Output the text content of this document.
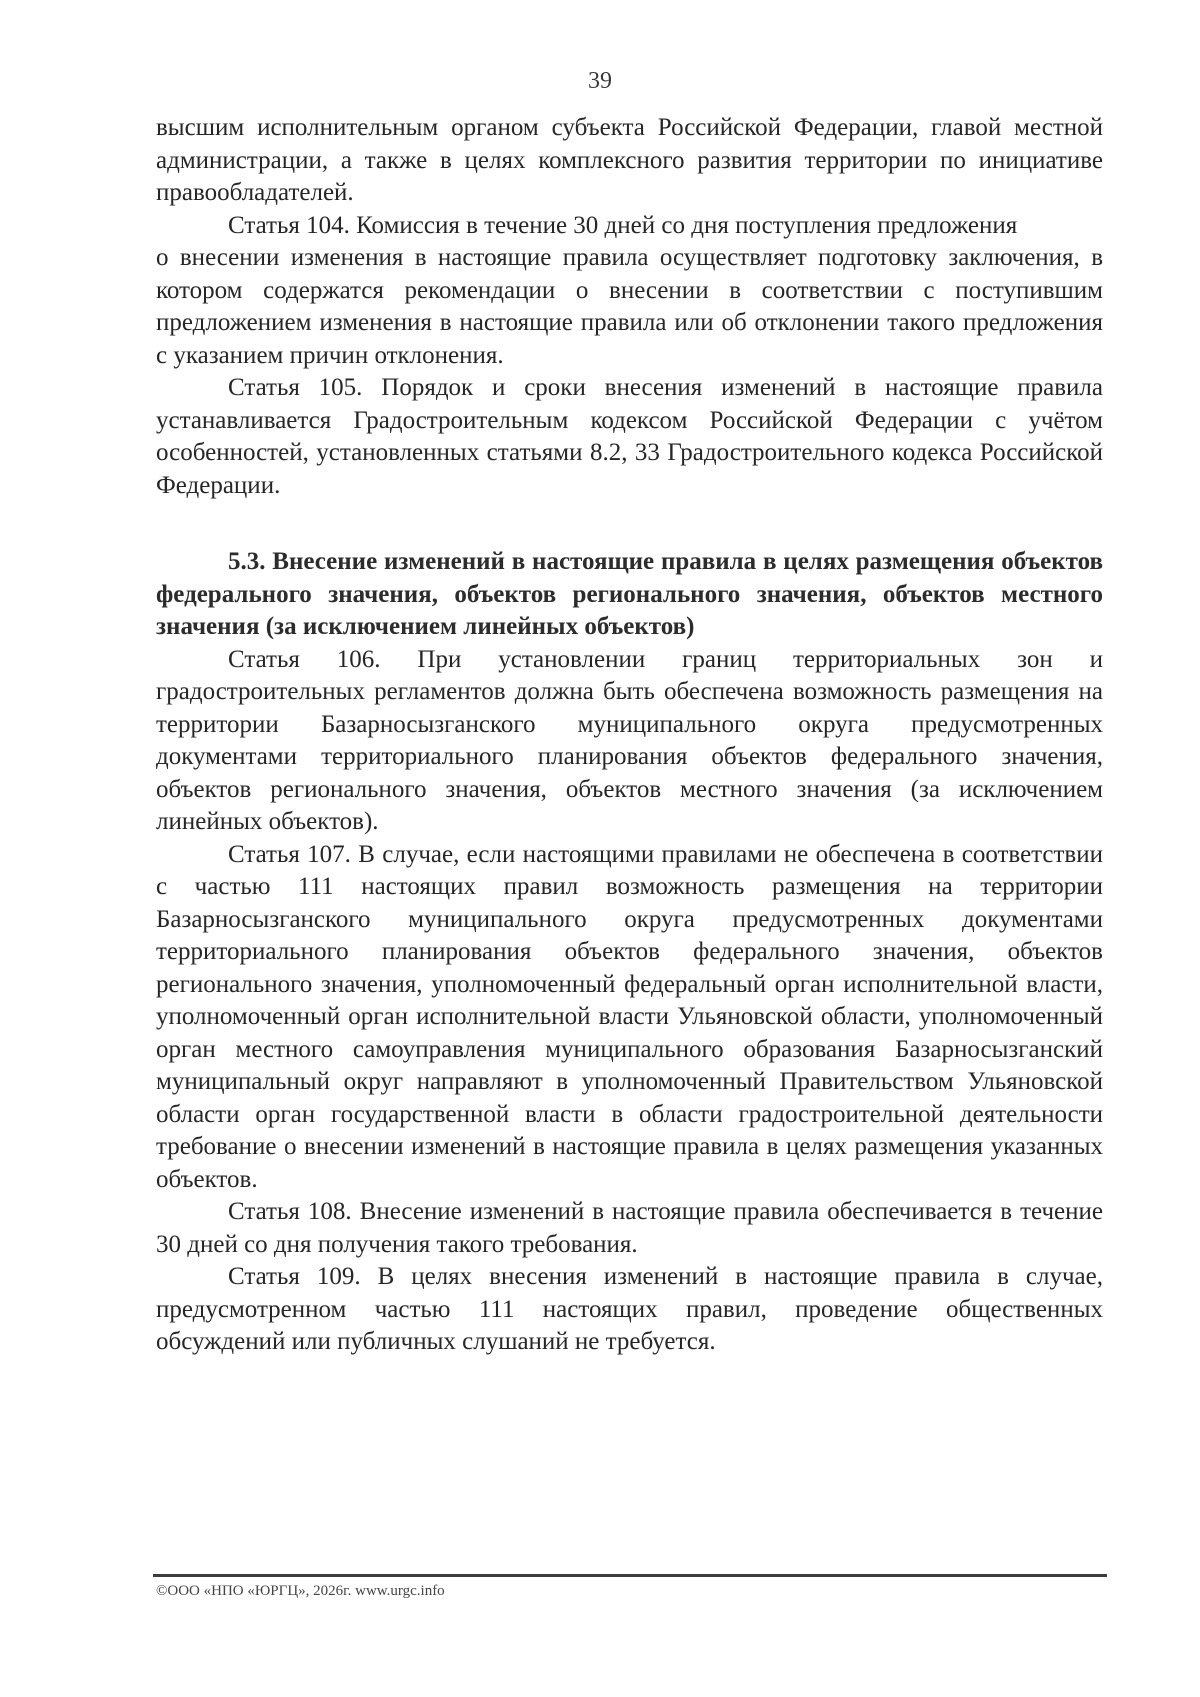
39

высшим исполнительным органом субъекта Российской Федерации, главой местной администрации, а также в целях комплексного развития территории по инициативе правообладателей.

Статья 104. Комиссия в течение 30 дней со дня поступления предложения

о внесении изменения в настоящие правила осуществляет подготовку заключения, в котором содержатся рекомендации о внесении в соответствии с поступившим предложением изменения в настоящие правила или об отклонении такого предложения с указанием причин отклонения.

Статья 105. Порядок и сроки внесения изменений в настоящие правила устанавливается Градостроительным кодексом Российской Федерации с учётом особенностей, установленных статьями 8.2, 33 Градостроительного кодекса Российской Федерации.

5.3. Внесение изменений в настоящие правила в целях размещения объектов федерального значения, объектов регионального значения, объектов местного значения (за исключением линейных объектов)

Статья 106. При установлении границ территориальных зон и градостроительных регламентов должна быть обеспечена возможность размещения на территории Базарносызганского муниципального округа предусмотренных документами территориального планирования объектов федерального значения, объектов регионального значения, объектов местного значения (за исключением линейных объектов).

Статья 107. В случае, если настоящими правилами не обеспечена в соответствии с частью 111 настоящих правил возможность размещения на территории Базарносызганского муниципального округа предусмотренных документами территориального планирования объектов федерального значения, объектов регионального значения, уполномоченный федеральный орган исполнительной власти, уполномоченный орган исполнительной власти Ульяновской области, уполномоченный орган местного самоуправления муниципального образования Базарносызганский муниципальный округ направляют в уполномоченный Правительством Ульяновской области орган государственной власти в области градостроительной деятельности требование о внесении изменений в настоящие правила в целях размещения указанных объектов.

Статья 108. Внесение изменений в настоящие правила обеспечивается в течение 30 дней со дня получения такого требования.

Статья 109. В целях внесения изменений в настоящие правила в случае, предусмотренном частью 111 настоящих правил, проведение общественных обсуждений или публичных слушаний не требуется.

©ООО «НПО «ЮРГЦ», 2026г. www.urgc.info
